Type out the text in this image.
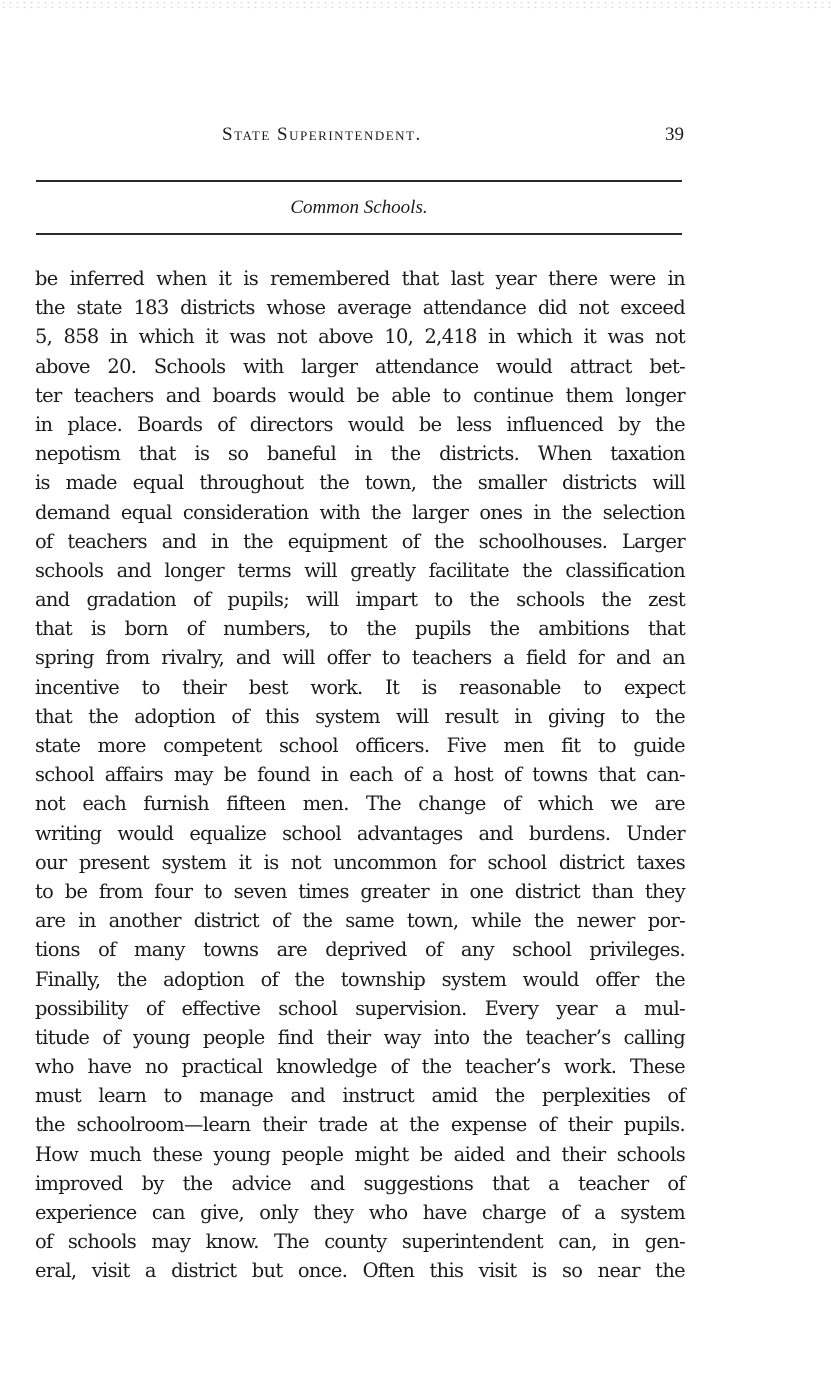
State Superintendent.	39
Common Schools.
be inferred when it is remembered that last year there were in
the state 183 districts whose average attendance did not exceed
5, 858 in which it was not above 10, 2,418 in which it was not
above 20. Schools with larger attendance would attract bet-
ter teachers and boards would be able to continue them longer
in place. Boards of directors would be less influenced by the
nepotism that is so baneful in the districts. When taxation
is made equal throughout the town, the smaller districts will
demand equal consideration with the larger ones in the selection
of teachers and in the equipment of the schoolhouses. Larger
schools and longer terms will greatly facilitate the classification
and gradation of pupils; will impart to the schools the zest
that is born of numbers, to the pupils the ambitions that
spring from rivalry, and will offer to teachers a field for and an
incentive to their best work. It is reasonable to expect
that the adoption of this system will result in giving to the
state more competent school officers. Five men fit to guide
school affairs may be found in each of a host of towns that can-
not each furnish fifteen men. The change of which we are
writing would equalize school advantages and burdens. Under
our present system it is not uncommon for school district taxes
to be from four to seven times greater in one district than they
are in another district of the same town, while the newer por-
tions of many towns are deprived of any school privileges.
Finally, the adoption of the township system would offer the
possibility of effective school supervision. Every year a mul-
titude of young people find their way into the teacher’s calling
who have no practical knowledge of the teacher’s work. These
must learn to manage and instruct amid the perplexities of
the schoolroom—learn their trade at the expense of their pupils.
How much these young people might be aided and their schools
improved by the advice and suggestions that a teacher of
experience can give, only they who have charge of a system
of schools may know. The county superintendent can, in gen-
eral, visit a district but once. Often this visit is so near the
